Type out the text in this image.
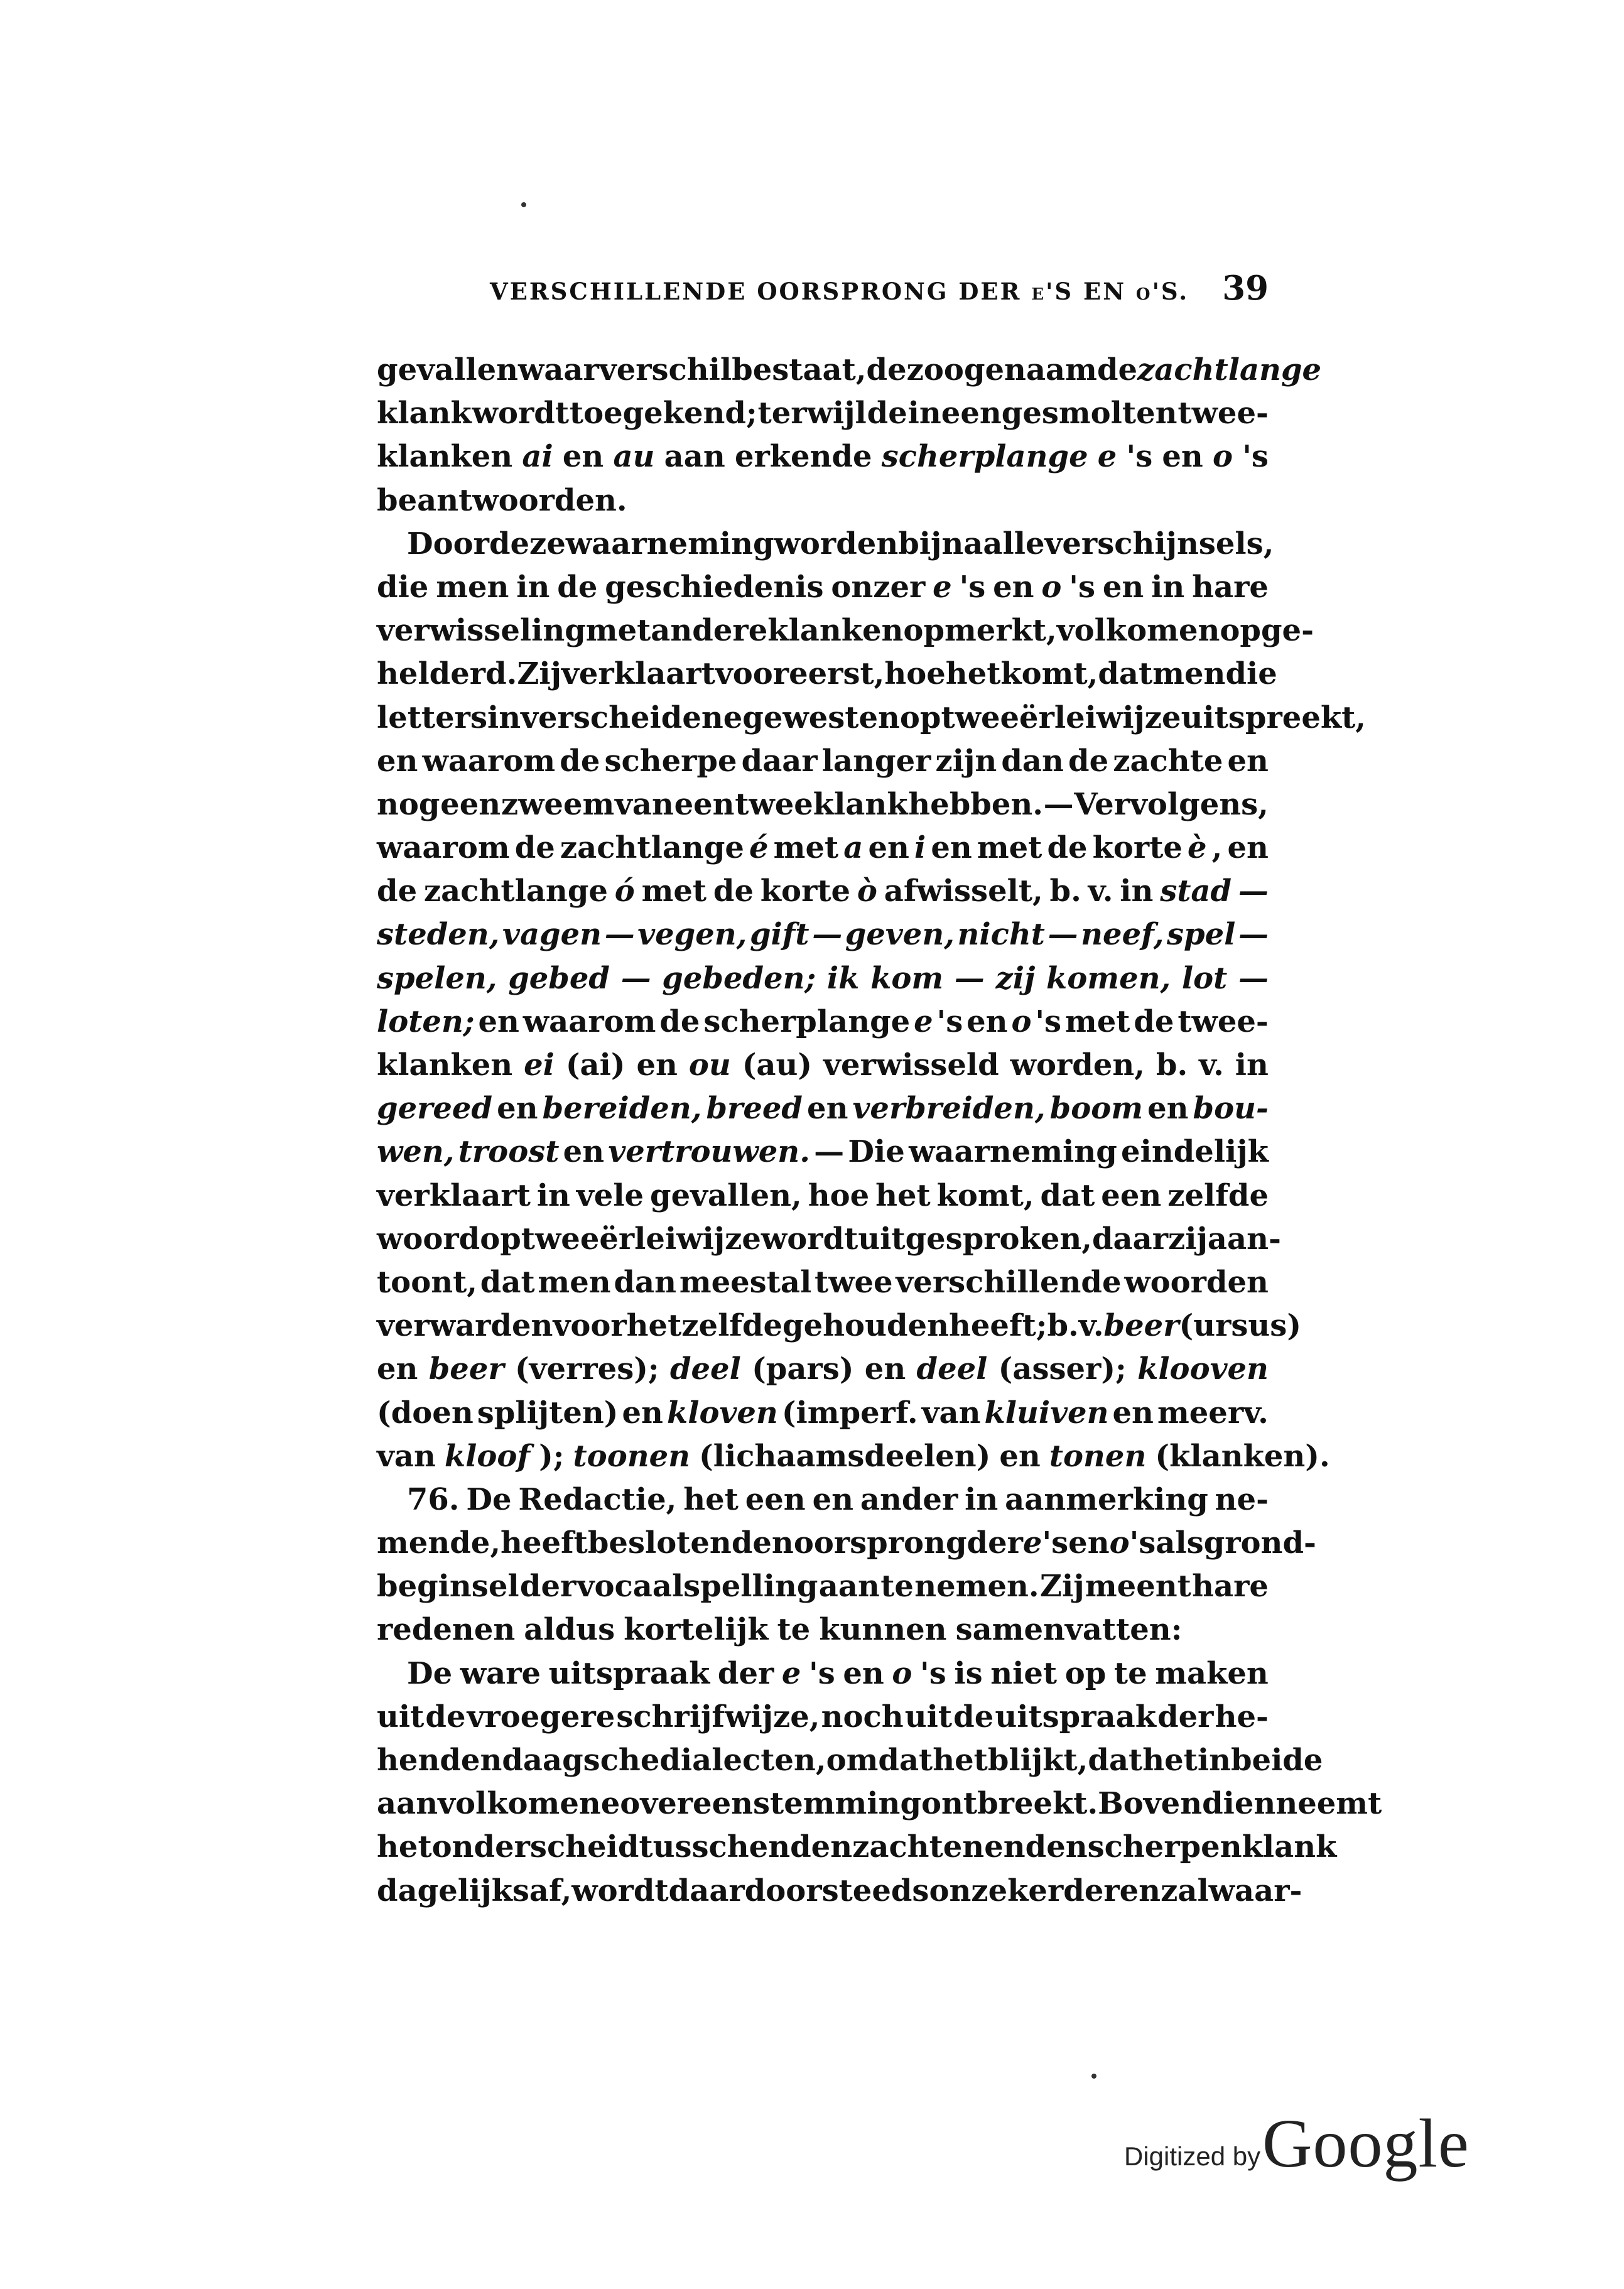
VERSCHILLENDE OORSPRONG DER e'S EN o'S. 39
gevallen waar verschil bestaat, de zoogenaamde zachtlange
klank wordt toegekend; terwijl de ineengesmolten twee-
klanken ai en au aan erkende scherplange e 's en o 's
beantwoorden.
Door deze waarneming worden bijna alle verschijnsels,
die men in de geschiedenis onzer e 's en o 's en in hare
verwisseling met andere klanken opmerkt, volkomen opge-
helderd. Zij verklaart vooreerst, hoe het komt, dat men die
letters in verscheidene gewesten op tweeërlei wijze uitspreekt,
en waarom de scherpe daar langer zijn dan de zachte en
nog een zweem van een tweeklank hebben. — Vervolgens,
waarom de zachtlange é met a en i en met de korte è , en
de zachtlange ó met de korte ò afwisselt, b. v. in stad —
steden, vagen — vegen, gift — geven, nicht — neef, spel —
spelen, gebed — gebeden; ik kom — zij komen, lot —
loten; en waarom de scherplange e 's en o 's met de twee-
klanken ei (ai) en ou (au) verwisseld worden, b. v. in
gereed en bereiden, breed en verbreiden, boom en bou-
wen, troost en vertrouwen. — Die waarneming eindelijk
verklaart in vele gevallen, hoe het komt, dat een zelfde
woord op tweeërlei wijze wordt uitgesproken, daar zij aan-
toont, dat men dan meestal twee verschillende woorden
verward en voor hetzelfde gehouden heeft; b. v. beer (ursus)
en beer (verres); deel (pars) en deel (asser); klooven
(doen splijten) en kloven (imperf. van kluiven en meerv.
van kloof ); toonen (lichaamsdeelen) en tonen (klanken).
76. De Redactie, het een en ander in aanmerking ne-
mende, heeft besloten den oorsprong der e 's en o 's als grond-
beginsel der vocaalspelling aan te nemen. Zij meent hare
redenen aldus kortelijk te kunnen samenvatten:
De ware uitspraak der e 's en o 's is niet op te maken
uit de vroegere schrijfwijze, noch uit de uitspraak der he-
hendendaagsche dialecten, omdat het blijkt, dat het in beide
aan volkomene overeenstemming ontbreekt. Bovendien neemt
het onderscheid tusschen den zachten en den scherpen klank
dagelijks af, wordt daardoor steeds onzekerder en zal waar-
Digitized by Google
